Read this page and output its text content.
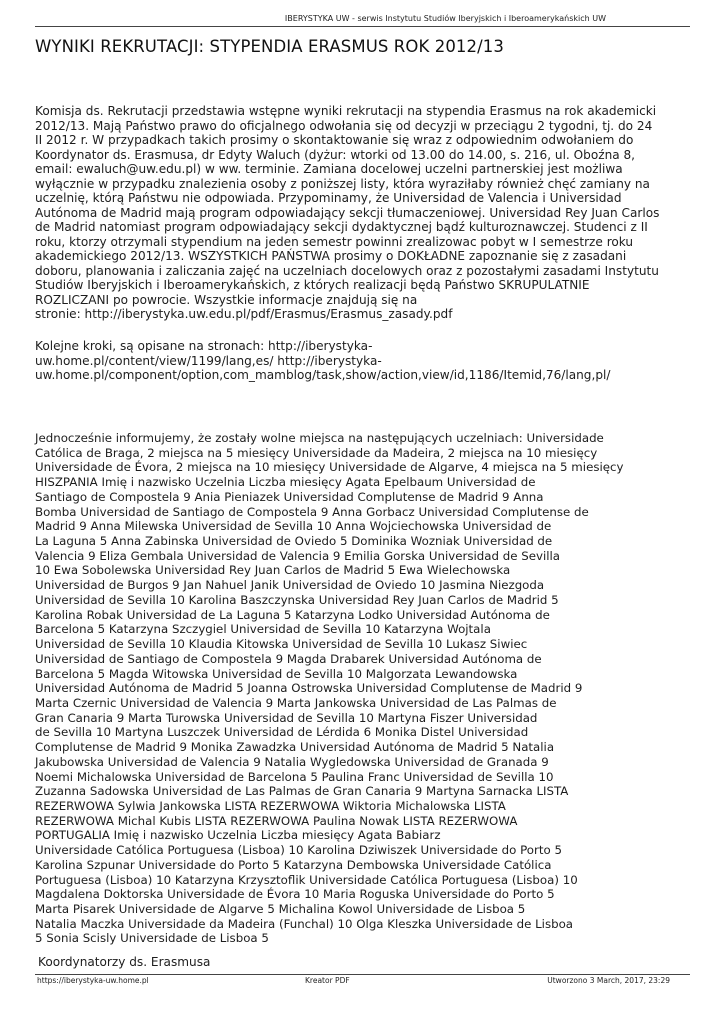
IBERYSTYKA UW - serwis Instytutu Studiów Iberyjskich i Iberoamerykańskich UW
WYNIKI REKRUTACJI: STYPENDIA ERASMUS ROK 2012/13
Komisja ds. Rekrutacji przedstawia wstępne wyniki rekrutacji na stypendia Erasmus na rok akademicki
2012/13. Mają Państwo prawo do oficjalnego odwołania się od decyzji w przeciągu 2 tygodni, tj. do 24
II 2012 r. W przypadkach takich prosimy o skontaktowanie się wraz z odpowiednim odwołaniem do
Koordynator ds. Erasmusa, dr Edyty Waluch (dyżur: wtorki od 13.00 do 14.00, s. 216, ul. Oboźna 8,
email: ewaluch@uw.edu.pl) w ww. terminie. Zamiana docelowej uczelni partnerskiej jest możliwa
wyłącznie w przypadku znalezienia osoby z poniższej listy, która wyrazіłaby również chęć zamiany na
uczelnię, którą Państwu nie odpowiada. Przypominamy, że Universidad de Valencia i Universidad
Autónoma de Madrid mają program odpowiadający sekcji tłumaczeniowej. Universidad Rey Juan Carlos
de Madrid natomiast program odpowiadający sekcji dydaktycznej bądź kulturoznawczej. Studenci z II
roku, ktorzy otrzymali stypendium na jeden semestr powinni zrealizowac pobyt w I semestrze roku
akademickiego 2012/13. WSZYSTKICH PAŃSTWA prosimy o DOKŁADNE zapoznanie się z zasadani
doboru, planowania i zaliczania zajęć na uczelniach docelowych oraz z pozostałymi zasadami Instytutu
Studiów Iberyjskich i Iberoamerykańskich, z których realizacji będą Państwo SKRUPULATNIE
ROZLICZANI po powrocie. Wszystkie informacje znajdują się na
stronie: http://iberystyka.uw.edu.pl/pdf/Erasmus/Erasmus_zasady.pdf
Kolejne kroki, są opisane na stronach: http://iberystyka-
uw.home.pl/content/view/1199/lang,es/ http://iberystyka-
uw.home.pl/component/option,com_mamblog/task,show/action,view/id,1186/Itemid,76/lang,pl/
Jednocześnie informujemy, że zostały wolne miejsca na następujących uczelniach: Universidade
Católica de Braga, 2 miejsca na 5 miesięcy Universidade da Madeira, 2 miejsca na 10 miesięcy
Universidade de Évora, 2 miejsca na 10 miesięcy Universidade de Algarve, 4 miejsca na 5 miesięcy
HISZPANIA Imię i nazwisko Uczelnia Liczba miesięcy Agata Epelbaum Universidad de
Santiago de Compostela 9 Ania Pieniazek Universidad Complutense de Madrid 9 Anna
Bomba Universidad de Santiago de Compostela 9 Anna Gorbacz Universidad Complutense de
Madrid 9 Anna Milewska Universidad de Sevilla 10 Anna Wojciechowska Universidad de
La Laguna 5 Anna Zabinska Universidad de Oviedo 5 Dominika Wozniak Universidad de
Valencia 9 Eliza Gembala Universidad de Valencia 9 Emilia Gorska Universidad de Sevilla
10 Ewa Sobolewska Universidad Rey Juan Carlos de Madrid 5 Ewa Wielechowska
Universidad de Burgos 9 Jan Nahuel Janik Universidad de Oviedo 10 Jasmina Niezgoda
Universidad de Sevilla 10 Karolina Baszczynska Universidad Rey Juan Carlos de Madrid 5
Karolina Robak Universidad de La Laguna 5 Katarzyna Lodko Universidad Autónoma de
Barcelona 5 Katarzyna Szczygiel Universidad de Sevilla 10 Katarzyna Wojtala
Universidad de Sevilla 10 Klaudia Kitowska Universidad de Sevilla 10 Lukasz Siwiec
Universidad de Santiago de Compostela 9 Magda Drabarek Universidad Autónoma de
Barcelona 5 Magda Witowska Universidad de Sevilla 10 Malgorzata Lewandowska
Universidad Autónoma de Madrid 5 Joanna Ostrowska Universidad Complutense de Madrid 9
Marta Czernic Universidad de Valencia 9 Marta Jankowska Universidad de Las Palmas de
Gran Canaria 9 Marta Turowska Universidad de Sevilla 10 Martyna Fiszer Universidad
de Sevilla 10 Martyna Luszczek Universidad de Lérdida 6 Monika Distel Universidad
Complutense de Madrid 9 Monika Zawadzka Universidad Autónoma de Madrid 5 Natalia
Jakubowska Universidad de Valencia 9 Natalia Wygledowska Universidad de Granada 9
Noemi Michalowska Universidad de Barcelona 5 Paulina Franc Universidad de Sevilla 10
Zuzanna Sadowska Universidad de Las Palmas de Gran Canaria 9 Martyna Sarnacka LISTA
REZERWOWA Sylwia Jankowska LISTA REZERWOWA Wiktoria Michalowska LISTA
REZERWOWA Michal Kubis LISTA REZERWOWA Paulina Nowak LISTA REZERWOWA
PORTUGALIA Imię i nazwisko Uczelnia Liczba miesięcy Agata Babiarz
Universidade Católica Portuguesa (Lisboa) 10 Karolina Dziwiszek Universidade do Porto 5
Karolina Szpunar Universidade do Porto 5 Katarzyna Dembowska Universidade Católica
Portuguesa (Lisboa) 10 Katarzyna Krzysztoflik Universidade Católica Portuguesa (Lisboa) 10
Magdalena Doktorska Universidade de Évora 10 Maria Roguska Universidade do Porto 5
Marta Pisarek Universidade de Algarve 5 Michalina Kowol Universidade de Lisboa 5
Natalia Maczka Universidade da Madeira (Funchal) 10 Olga Kleszka Universidade de Lisboa
5 Sonia Scisly Universidade de Lisboa 5
Koordynatorzy ds. Erasmusa
https://iberystyka-uw.home.pl	Kreator PDF	Utworzono 3 March, 2017, 23:29
